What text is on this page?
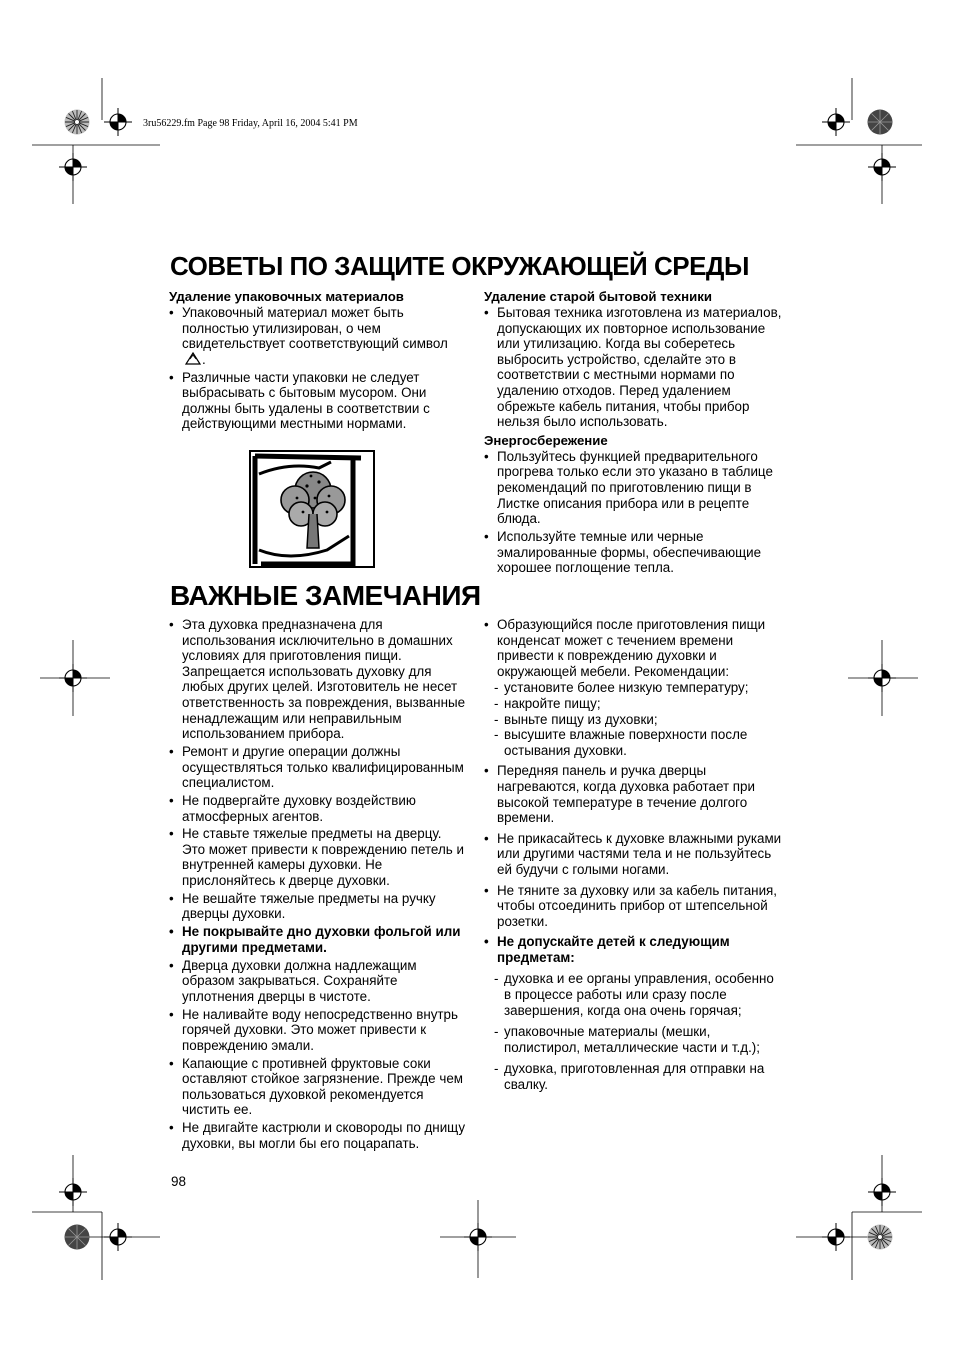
3ru56229.fm Page 98 Friday, April 16, 2004 5:41 PM
СОВЕТЫ ПО ЗАЩИТЕ ОКРУЖАЮЩЕЙ СРЕДЫ
Удаление упаковочных материалов
• Упаковочный материал может быть полностью утилизирован, о чем свидетельствует соответствующий символ .
• Различные части упаковки не следует выбрасывать с бытовым мусором. Они должны быть удалены в соответствии с действующими местными нормами.
Удаление старой бытовой техники
• Бытовая техника изготовлена из материалов, допускающих их повторное использование или утилизацию. Когда вы соберетесь выбросить устройство, сделайте это в соответствии с местными нормами по удалению отходов. Перед удалением обрежьте кабель питания, чтобы прибор нельзя было использовать.
Энергосбережение
• Пользуйтесь функцией предварительного прогрева только если это указано в таблице рекомендаций по приготовлению пищи в Листке описания прибора или в рецепте блюда.
• Используйте темные или черные эмалированные формы, обеспечивающие хорошее поглощение тепла.
ВАЖНЫЕ ЗАМЕЧАНИЯ
• Эта духовка предназначена для использования исключительно в домашних условиях для приготовления пищи. Запрещается использовать духовку для любых других целей. Изготовитель не несет ответственность за повреждения, вызванные ненадлежащим или неправильным использованием прибора.
• Ремонт и другие операции должны осуществляться только квалифицированным специалистом.
• Не подвергайте духовку воздействию атмосферных агентов.
• Не ставьте тяжелые предметы на дверцу. Это может привести к повреждению петель и внутренней камеры духовки. Не прислоняйтесь к дверце духовки.
• Не вешайте тяжелые предметы на ручку дверцы духовки.
• Не покрывайте дно духовки фольгой или другими предметами.
• Дверца духовки должна надлежащим образом закрываться. Сохраняйте уплотнения дверцы в чистоте.
• Не наливайте воду непосредственно внутрь горячей духовки. Это может привести к повреждению эмали.
• Капающие с противней фруктовые соки оставляют стойкое загрязнение. Прежде чем пользоваться духовкой рекомендуется чистить ее.
• Не двигайте кастрюли и сковороды по днищу духовки, вы могли бы его поцарапать.
• Образующийся после приготовления пищи конденсат может с течением времени привести к повреждению духовки и окружающей мебели. Рекомендации:
- установите более низкую температуру;
- накройте пищу;
- выньте пищу из духовки;
- высушите влажные поверхности после остывания духовки.
• Передняя панель и ручка дверцы нагреваются, когда духовка работает при высокой температуре в течение долгого времени.
• Не прикасайтесь к духовке влажными руками или другими частями тела и не пользуйтесь ей будучи с голыми ногами.
• Не тяните за духовку или за кабель питания, чтобы отсоединить прибор от штепсельной розетки.
• Не допускайте детей к следующим предметам:
- духовка и ее органы управления, особенно в процессе работы или сразу после завершения, когда она очень горячая;
- упаковочные материалы (мешки, полистирол, металлические части и т.д.);
- духовка, приготовленная для отправки на свалку.
98
